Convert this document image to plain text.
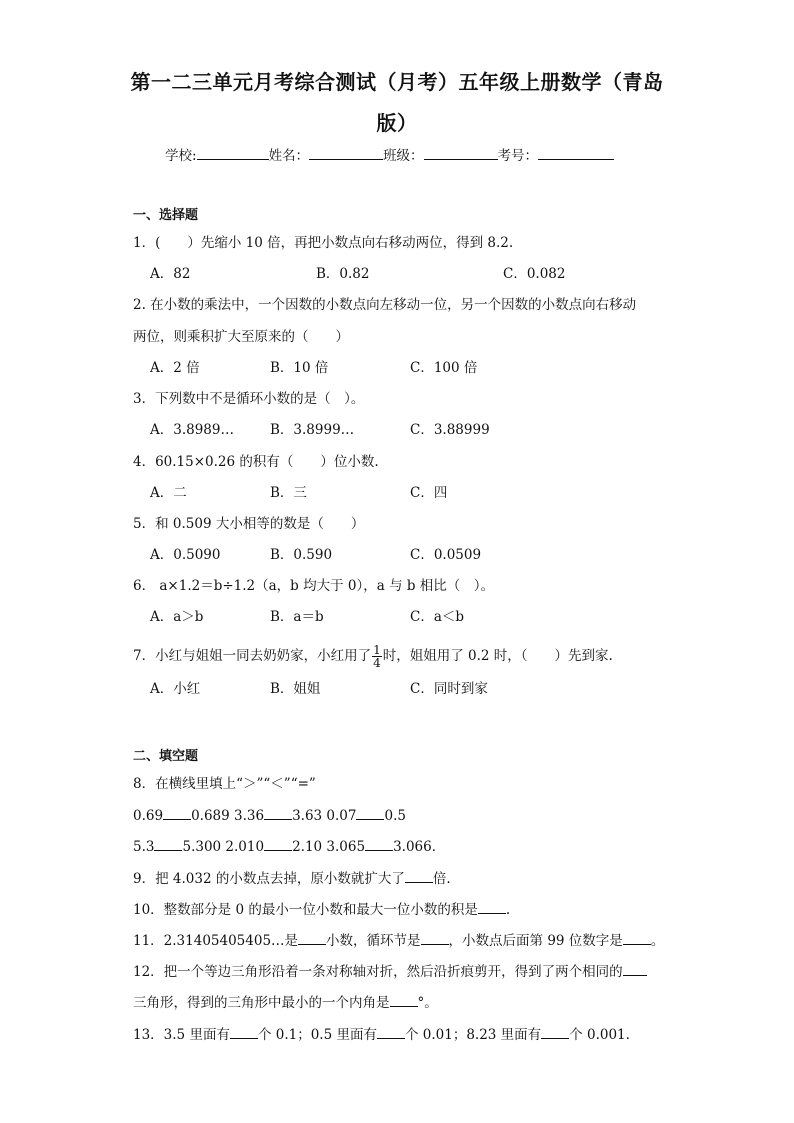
第一二三单元月考综合测试（月考）五年级上册数学（青岛
版）
学校:	姓名：	班级：	考号：
一、选择题
1．(　　）先缩小 10 倍，再把小数点向右移动两位，得到 8.2.
A．82	B．0.82	C．0.082
2. 在小数的乘法中，一个因数的小数点向左移动一位，另一个因数的小数点向右移动
两位，则乘积扩大至原来的（　　）
A．2 倍	B．10 倍	C．100 倍
3．下列数中不是循环小数的是（　）。
A．3.8989…	B．3.8999…	C．3.88999
4．60.15×0.26 的积有（　　）位小数.
A．二	B．三	C．四
5．和 0.509 大小相等的数是（　　）
A．0.5090	B．0.590	C．0.0509
6． a×1.2＝b÷1.2（a，b 均大于 0），a 与 b 相比（　）。
A．a＞b	B．a＝b	C．a＜b
7．小红与姐姐一同去奶奶家，小红用了 $\frac{1}{4}$ 时，姐姐用了 0.2 时，（　　）先到家.
A．小红	B．姐姐	C．同时到家
二、填空题
8．在横线里填上“＞”“＜”“=”
0.69 0.689 3.36 3.63 0.07 0.5
5.3 5.300 2.010 2.10 3.065 3.066．
9．把 4.032 的小数点去掉，原小数就扩大了 倍.
10．整数部分是 0 的最小一位小数和最大一位小数的积是 .
11．2.31405405405…是 小数，循环节是 ，小数点后面第 99 位数字是 。
12．把一个等边三角形沿着一条对称轴对折，然后沿折痕剪开，得到了两个相同的
三角形，得到的三角形中最小的一个内角是 °。
13．3.5 里面有 个 0.1；0.5 里面有 个 0.01；8.23 里面有 个 0.001.
